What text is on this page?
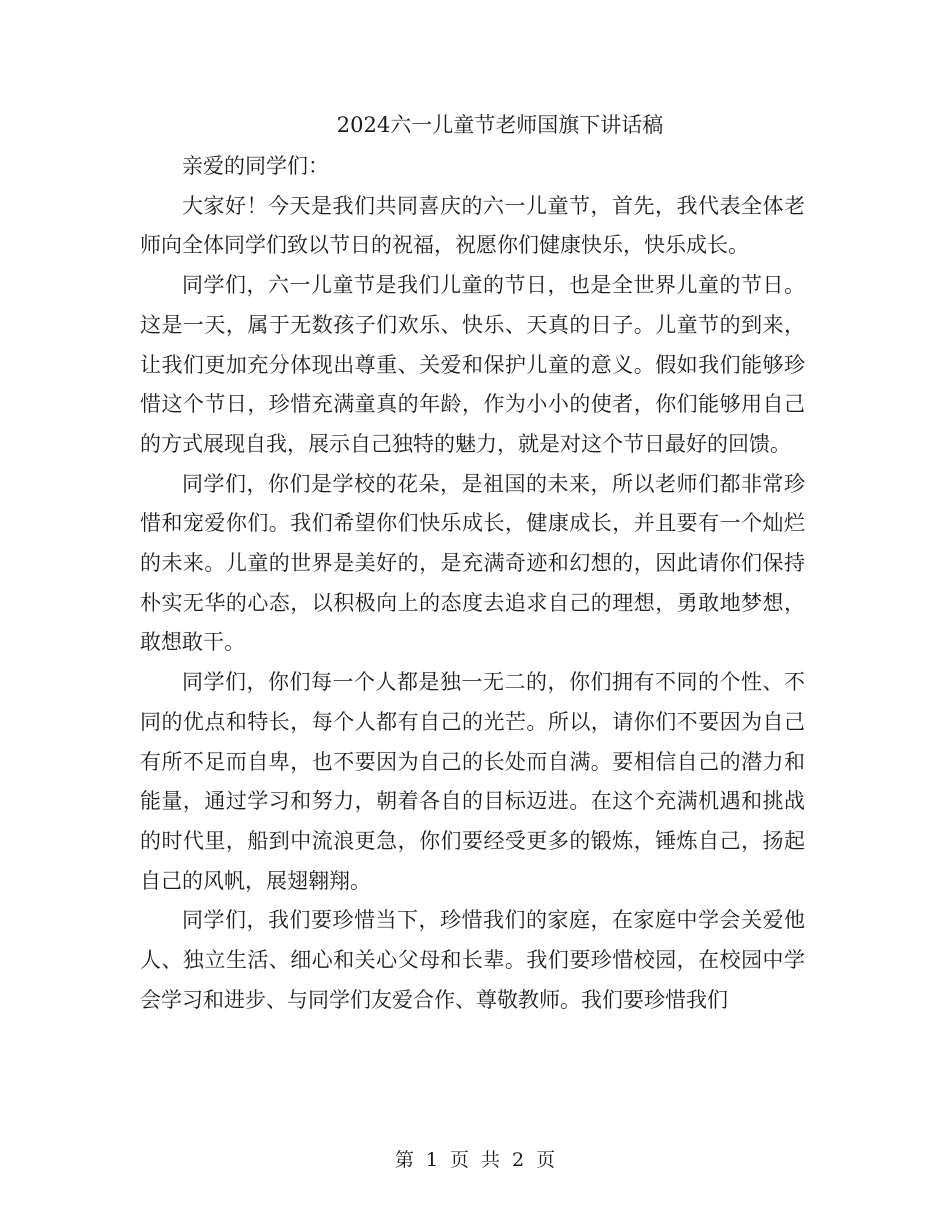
2024六一儿童节老师国旗下讲话稿

亲爱的同学们：

大家好！今天是我们共同喜庆的六一儿童节，首先，我代表全体老师向全体同学们致以节日的祝福，祝愿你们健康快乐，快乐成长。

同学们，六一儿童节是我们儿童的节日，也是全世界儿童的节日。这是一天，属于无数孩子们欢乐、快乐、天真的日子。儿童节的到来，让我们更加充分体现出尊重、关爱和保护儿童的意义。假如我们能够珍惜这个节日，珍惜充满童真的年龄，作为小小的使者，你们能够用自己的方式展现自我，展示自己独特的魅力，就是对这个节日最好的回馈。

同学们，你们是学校的花朵，是祖国的未来，所以老师们都非常珍惜和宠爱你们。我们希望你们快乐成长，健康成长，并且要有一个灿烂的未来。儿童的世界是美好的，是充满奇迹和幻想的，因此请你们保持朴实无华的心态，以积极向上的态度去追求自己的理想，勇敢地梦想，敢想敢干。

同学们，你们每一个人都是独一无二的，你们拥有不同的个性、不同的优点和特长，每个人都有自己的光芒。所以，请你们不要因为自己有所不足而自卑，也不要因为自己的长处而自满。要相信自己的潜力和能量，通过学习和努力，朝着各自的目标迈进。在这个充满机遇和挑战的时代里，船到中流浪更急，你们要经受更多的锻炼，锤炼自己，扬起自己的风帆，展翅翱翔。

同学们，我们要珍惜当下，珍惜我们的家庭，在家庭中学会关爱他人、独立生活、细心和关心父母和长辈。我们要珍惜校园，在校园中学会学习和进步、与同学们友爱合作、尊敬教师。我们要珍惜我们

第 1 页 共 2 页
